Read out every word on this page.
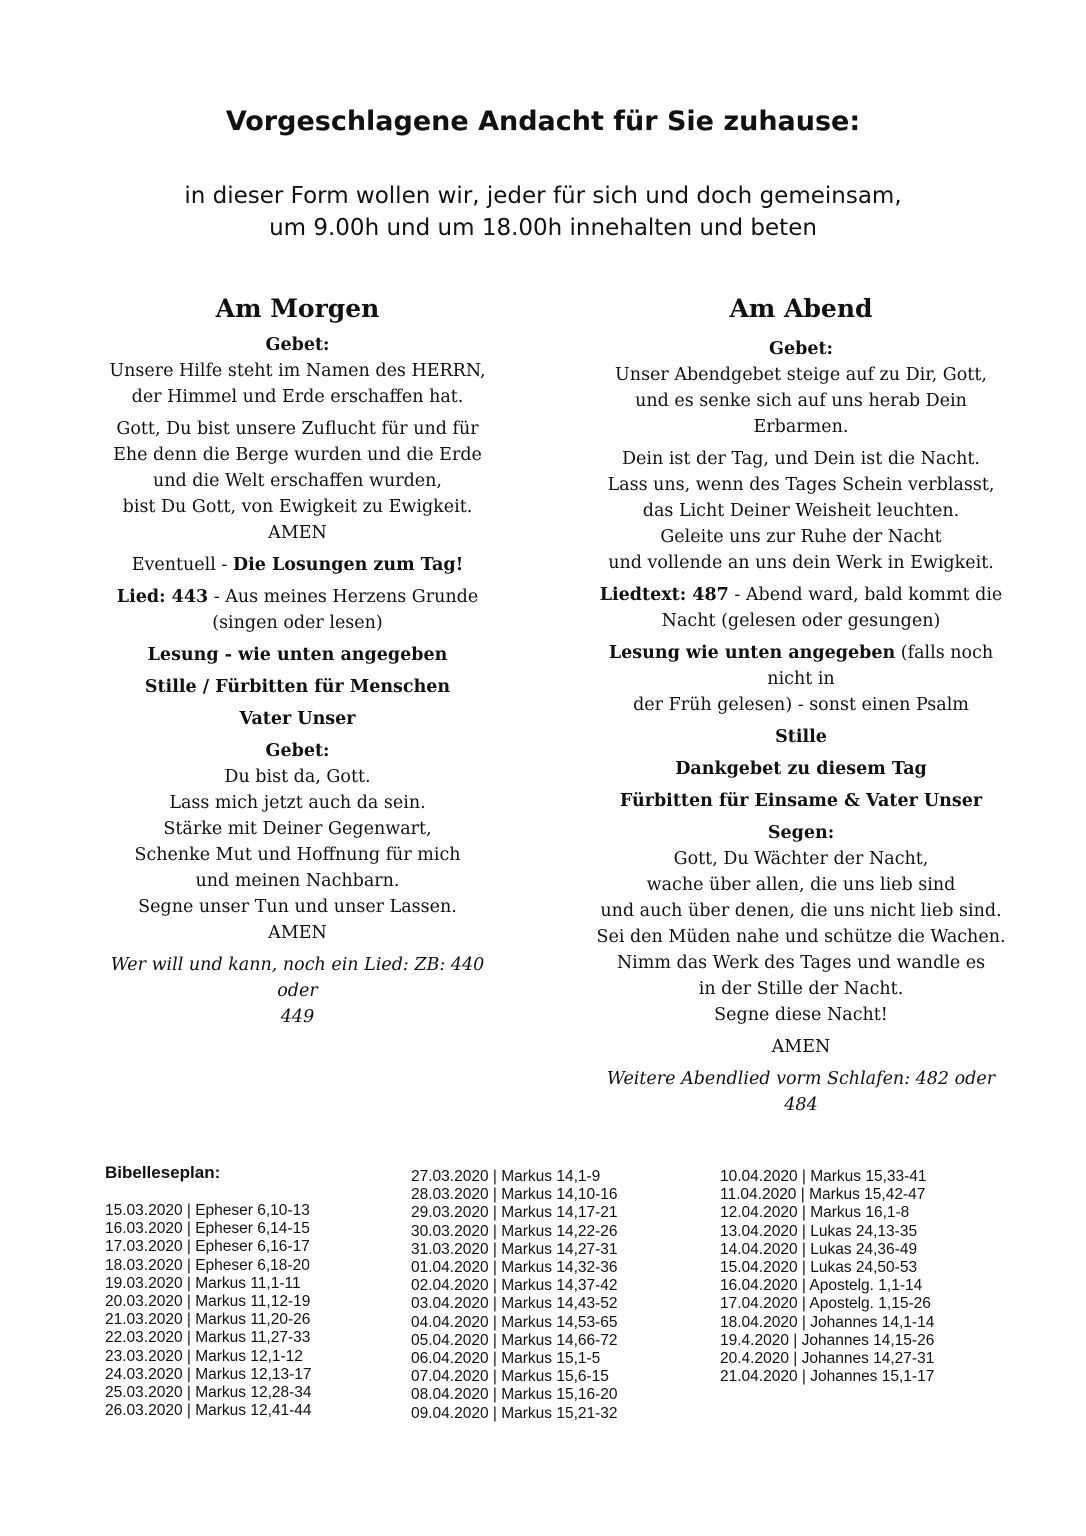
Vorgeschlagene Andacht für Sie zuhause:
in dieser Form wollen wir, jeder für sich und doch gemeinsam,
um 9.00h und um 18.00h innehalten und beten
Am Morgen
Gebet:
Unsere Hilfe steht im Namen des HERRN,
der Himmel und Erde erschaffen hat.
Gott, Du bist unsere Zuflucht für und für
Ehe denn die Berge wurden und die Erde
und die Welt erschaffen wurden,
bist Du Gott, von Ewigkeit zu Ewigkeit.
AMEN
Eventuell - Die Losungen zum Tag!
Lied: 443 - Aus meines Herzens Grunde
(singen oder lesen)
Lesung - wie unten angegeben
Stille / Fürbitten für Menschen
Vater Unser
Gebet:
Du bist da, Gott.
Lass mich jetzt auch da sein.
Stärke mit Deiner Gegenwart,
Schenke Mut und Hoffnung für mich
und meinen Nachbarn.
Segne unser Tun und unser Lassen.
AMEN
Wer will und kann, noch ein Lied: ZB: 440 oder
449
Am Abend
Gebet:
Unser Abendgebet steige auf zu Dir, Gott,
und es senke sich auf uns herab Dein Erbarmen.
Dein ist der Tag, und Dein ist die Nacht.
Lass uns, wenn des Tages Schein verblasst,
das Licht Deiner Weisheit leuchten.
Geleite uns zur Ruhe der Nacht
und vollende an uns dein Werk in Ewigkeit.
Liedtext: 487 - Abend ward, bald kommt die
Nacht (gelesen oder gesungen)
Lesung wie unten angegeben (falls noch nicht in
der Früh gelesen) - sonst einen Psalm
Stille
Dankgebet zu diesem Tag
Fürbitten für Einsame & Vater Unser
Segen:
Gott, Du Wächter der Nacht,
wache über allen, die uns lieb sind
und auch über denen, die uns nicht lieb sind.
Sei den Müden nahe und schütze die Wachen.
Nimm das Werk des Tages und wandle es
in der Stille der Nacht.
Segne diese Nacht!
AMEN
Weitere Abendlied vorm Schlafen: 482 oder 484
Bibelleseplan:
15.03.2020 | Epheser 6,10-13
16.03.2020 | Epheser 6,14-15
17.03.2020 | Epheser 6,16-17
18.03.2020 | Epheser 6,18-20
19.03.2020 | Markus 11,1-11
20.03.2020 | Markus 11,12-19
21.03.2020 | Markus 11,20-26
22.03.2020 | Markus 11,27-33
23.03.2020 | Markus 12,1-12
24.03.2020 | Markus 12,13-17
25.03.2020 | Markus 12,28-34
26.03.2020 | Markus 12,41-44
27.03.2020 | Markus 14,1-9
28.03.2020 | Markus 14,10-16
29.03.2020 | Markus 14,17-21
30.03.2020 | Markus 14,22-26
31.03.2020 | Markus 14,27-31
01.04.2020 | Markus 14,32-36
02.04.2020 | Markus 14,37-42
03.04.2020 | Markus 14,43-52
04.04.2020 | Markus 14,53-65
05.04.2020 | Markus 14,66-72
06.04.2020 | Markus 15,1-5
07.04.2020 | Markus 15,6-15
08.04.2020 | Markus 15,16-20
09.04.2020 | Markus 15,21-32
10.04.2020 | Markus 15,33-41
11.04.2020 | Markus 15,42-47
12.04.2020 | Markus 16,1-8
13.04.2020 | Lukas 24,13-35
14.04.2020 | Lukas 24,36-49
15.04.2020 | Lukas 24,50-53
16.04.2020 | Apostelg. 1,1-14
17.04.2020 | Apostelg. 1,15-26
18.04.2020 | Johannes 14,1-14
19.4.2020 | Johannes 14,15-26
20.4.2020 | Johannes 14,27-31
21.04.2020 | Johannes 15,1-17
